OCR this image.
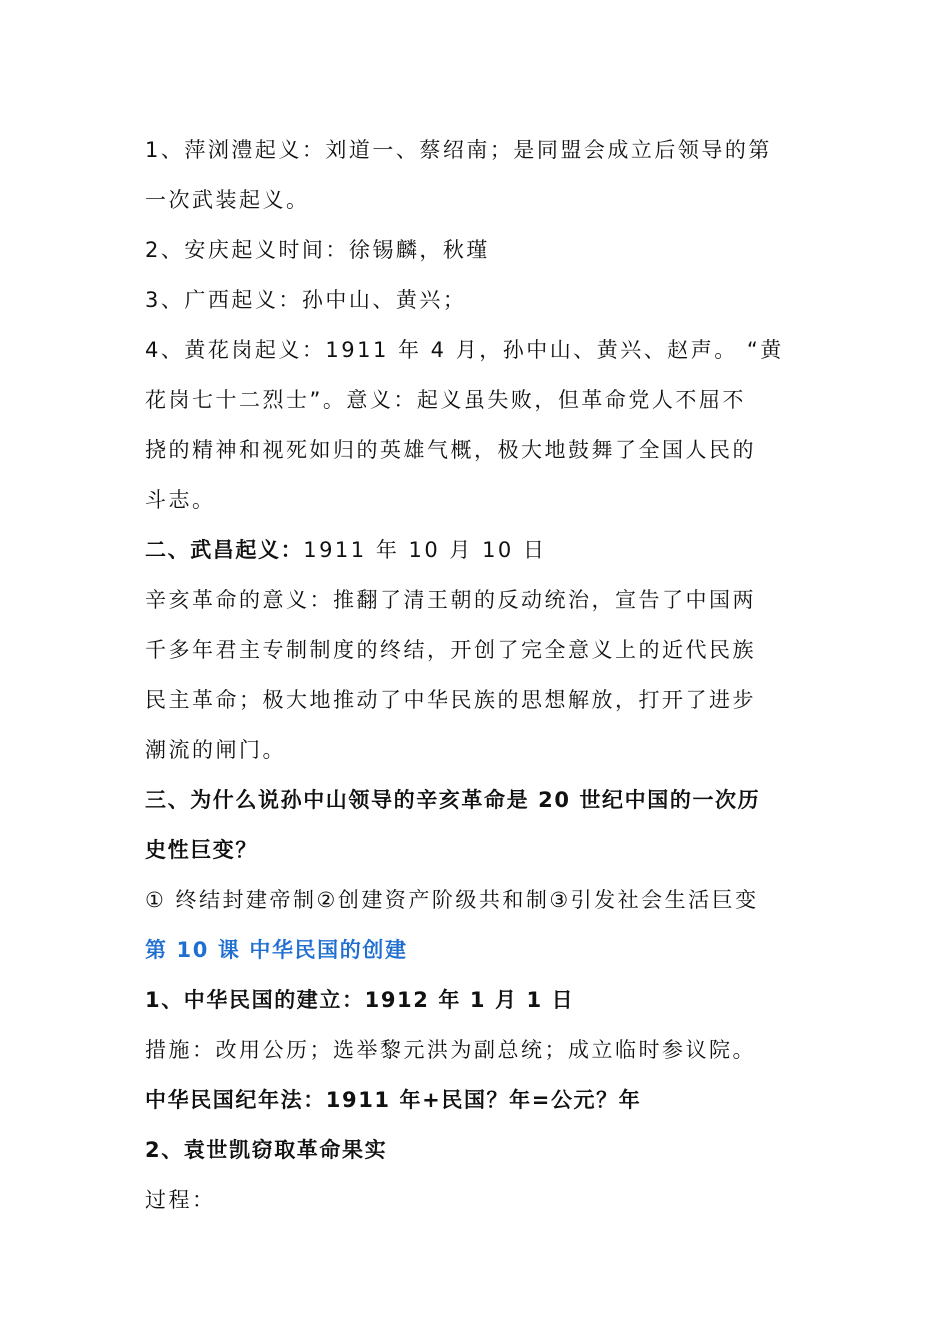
1、萍浏澧起义：刘道一、蔡绍南；是同盟会成立后领导的第
一次武装起义。
2、安庆起义时间：徐锡麟，秋瑾
3、广西起义：孙中山、黄兴；
4、黄花岗起义：1911 年 4 月，孙中山、黄兴、赵声。 “黄
花岗七十二烈士”。意义：起义虽失败，但革命党人不屈不
挠的精神和视死如归的英雄气概，极大地鼓舞了全国人民的
斗志。
二、武昌起义：1911 年 10 月 10 日
辛亥革命的意义：推翻了清王朝的反动统治，宣告了中国两
千多年君主专制制度的终结，开创了完全意义上的近代民族
民主革命；极大地推动了中华民族的思想解放，打开了进步
潮流的闸门。
三、为什么说孙中山领导的辛亥革命是 20 世纪中国的一次历
史性巨变？
① 终结封建帝制②创建资产阶级共和制③引发社会生活巨变
第 10 课 中华民国的创建
1、中华民国的建立：1912 年 1 月 1 日
措施：改用公历；选举黎元洪为副总统；成立临时参议院。
中华民国纪年法：1911 年+民国？年=公元？年
2、袁世凯窃取革命果实
过程：
